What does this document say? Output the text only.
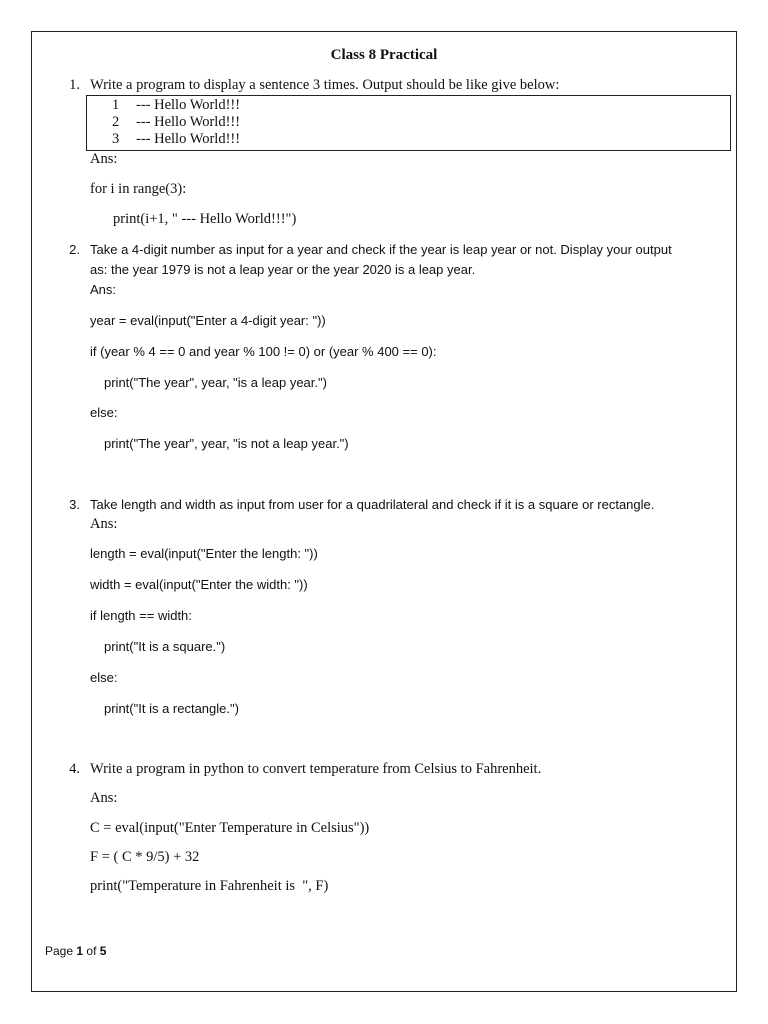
Class 8 Practical
1. Write a program to display a sentence 3 times. Output should be like give below:
1 --- Hello World!!!
2 --- Hello World!!!
3 --- Hello World!!!
Ans:
for i in range(3):
print(i+1, " --- Hello World!!!")
2. Take a 4-digit number as input for a year and check if the year is leap year or not. Display your output
as: the year 1979 is not a leap year or the year 2020 is a leap year.
Ans:
year = eval(input("Enter a 4-digit year: "))
if (year % 4 == 0 and year % 100 != 0) or (year % 400 == 0):
print("The year", year, "is a leap year.")
else:
print("The year", year, "is not a leap year.")
3. Take length and width as input from user for a quadrilateral and check if it is a square or rectangle.
Ans:
length = eval(input("Enter the length: "))
width = eval(input("Enter the width: "))
if length == width:
print("It is a square.")
else:
print("It is a rectangle.")
4. Write a program in python to convert temperature from Celsius to Fahrenheit.
Ans:
C = eval(input("Enter Temperature in Celsius"))
F = ( C * 9/5) + 32
print("Temperature in Fahrenheit is  ", F)
Page 1 of 5
